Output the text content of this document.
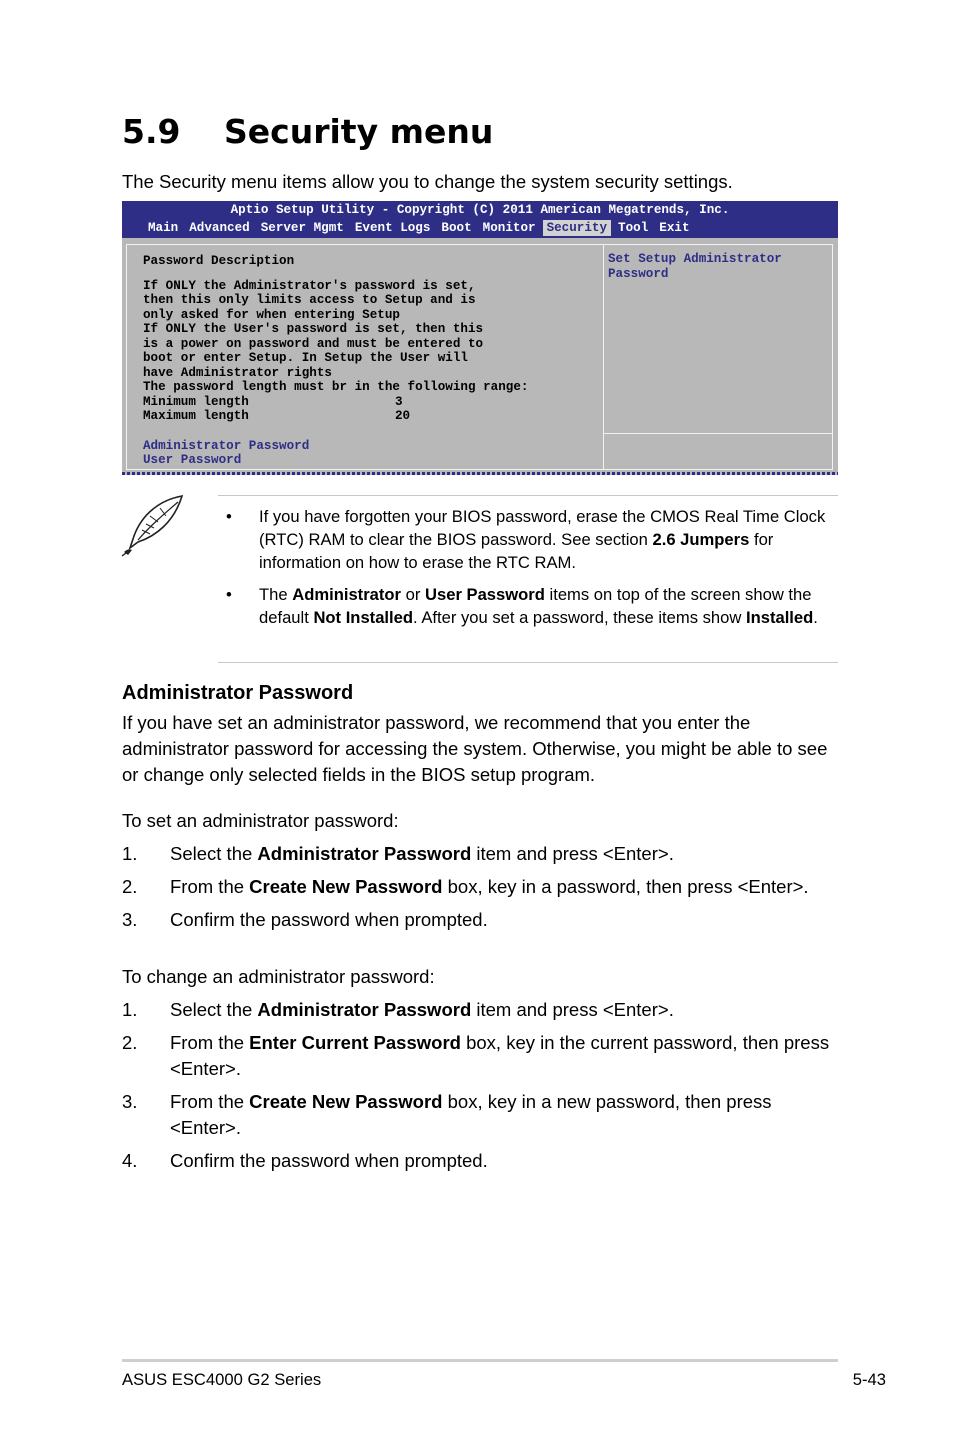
5.9 Security menu
The Security menu items allow you to change the system security settings.
Aptio Setup Utility - Copyright (C) 2011 American Megatrends, Inc.
Main Advanced Server Mgmt Event Logs Boot Monitor Security Tool Exit
Password Description
If ONLY the Administrator's password is set,
then this only limits access to Setup and is
only asked for when entering Setup
If ONLY the User's password is set, then this
is a power on password and must be entered to
boot or enter Setup. In Setup the User will
have Administrator rights
The password length must br in the following range:
Minimum length	3
Maximum length	20
Administrator Password
User Password
Set Setup Administrator
Password
• If you have forgotten your BIOS password, erase the CMOS Real Time Clock (RTC) RAM to clear the BIOS password. See section 2.6 Jumpers for information on how to erase the RTC RAM.
• The Administrator or User Password items on top of the screen show the default Not Installed. After you set a password, these items show Installed.
Administrator Password
If you have set an administrator password, we recommend that you enter the administrator password for accessing the system. Otherwise, you might be able to see or change only selected fields in the BIOS setup program.
To set an administrator password:
1. Select the Administrator Password item and press <Enter>.
2. From the Create New Password box, key in a password, then press <Enter>.
3. Confirm the password when prompted.
To change an administrator password:
1. Select the Administrator Password item and press <Enter>.
2. From the Enter Current Password box, key in the current password, then press <Enter>.
3. From the Create New Password box, key in a new password, then press <Enter>.
4. Confirm the password when prompted.
ASUS ESC4000 G2 Series	5-43
